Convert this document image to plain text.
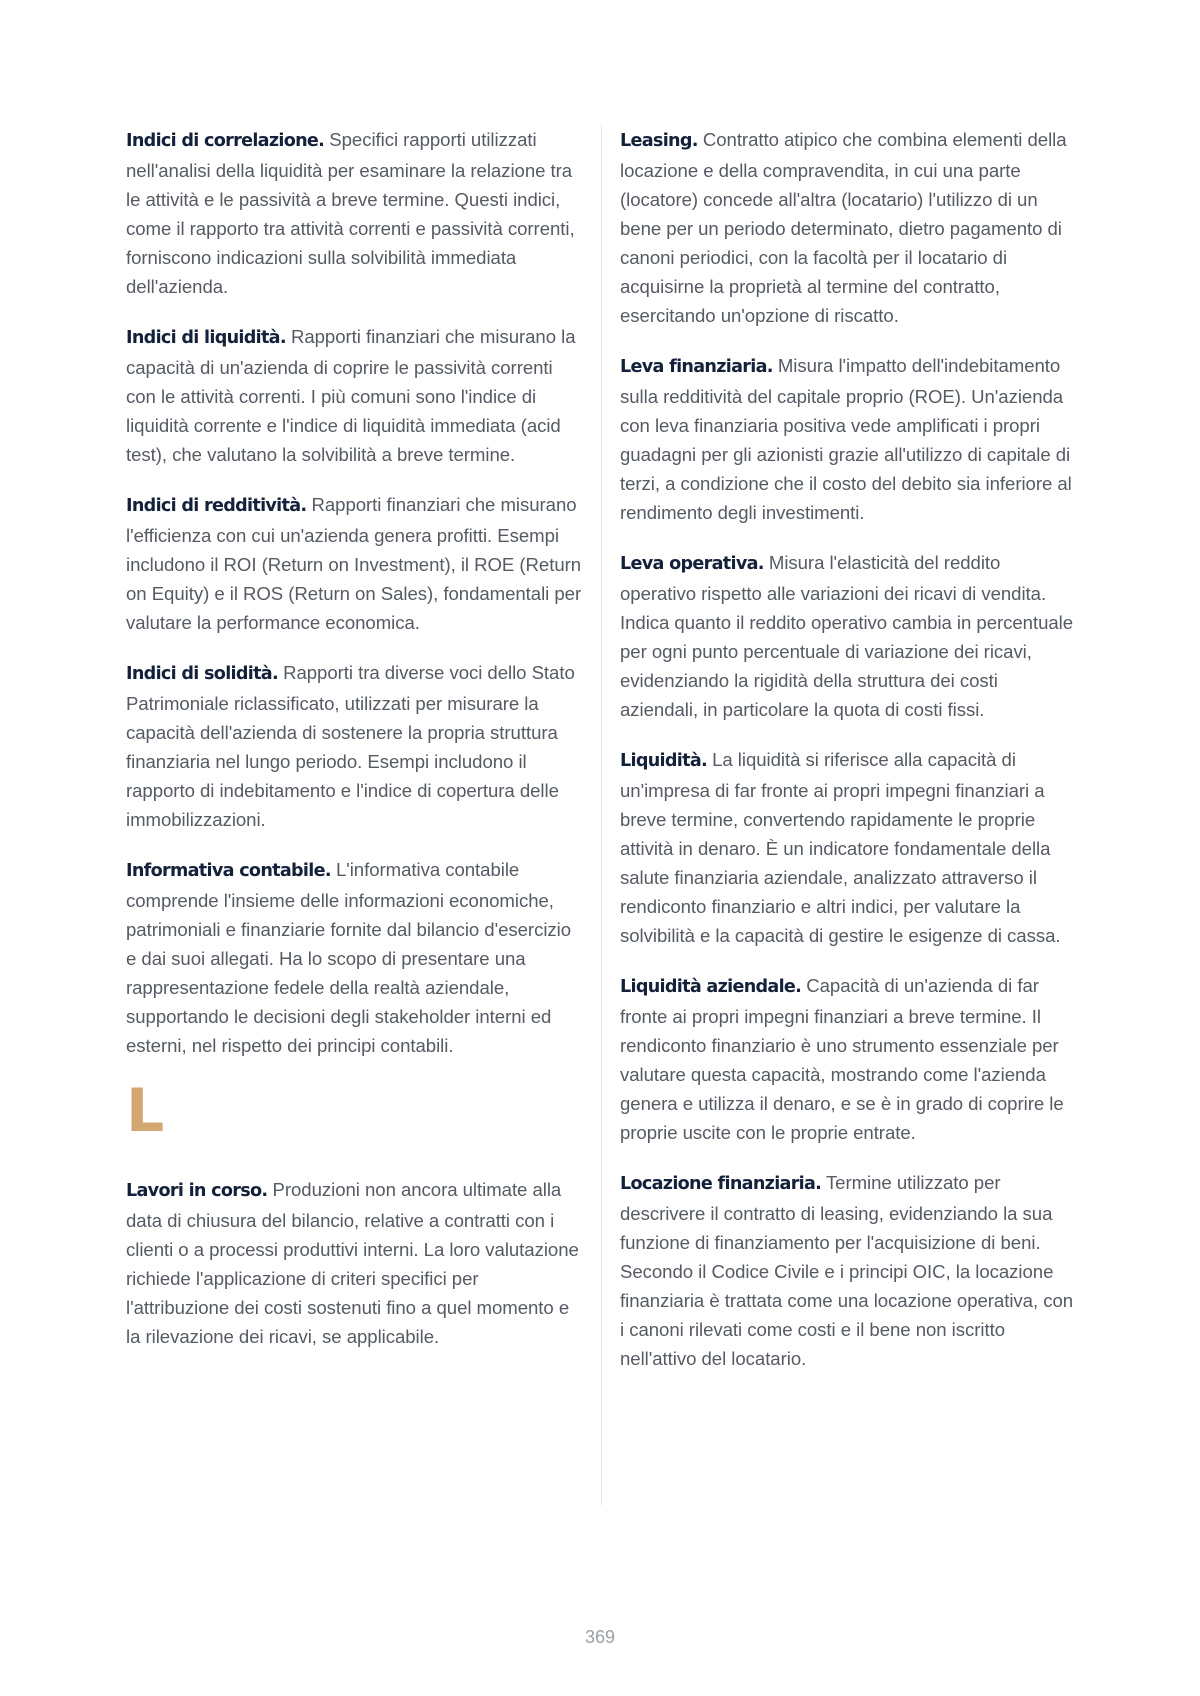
Indici di correlazione. Specifici rapporti utilizzati nell'analisi della liquidità per esaminare la relazione tra le attività e le passività a breve termine. Questi indici, come il rapporto tra attività correnti e passività correnti, forniscono indicazioni sulla solvibilità immediata dell'azienda.

Indici di liquidità. Rapporti finanziari che misurano la capacità di un'azienda di coprire le passività correnti con le attività correnti. I più comuni sono l'indice di liquidità corrente e l'indice di liquidità immediata (acid test), che valutano la solvibilità a breve termine.

Indici di redditività. Rapporti finanziari che misurano l'efficienza con cui un'azienda genera profitti. Esempi includono il ROI (Return on Investment), il ROE (Return on Equity) e il ROS (Return on Sales), fondamentali per valutare la performance economica.

Indici di solidità. Rapporti tra diverse voci dello Stato Patrimoniale riclassificato, utilizzati per misurare la capacità dell'azienda di sostenere la propria struttura finanziaria nel lungo periodo. Esempi includono il rapporto di indebitamento e l'indice di copertura delle immobilizzazioni.

Informativa contabile. L'informativa contabile comprende l'insieme delle informazioni economiche, patrimoniali e finanziarie fornite dal bilancio d'esercizio e dai suoi allegati. Ha lo scopo di presentare una rappresentazione fedele della realtà aziendale, supportando le decisioni degli stakeholder interni ed esterni, nel rispetto dei principi contabili.

L

Lavori in corso. Produzioni non ancora ultimate alla data di chiusura del bilancio, relative a contratti con i clienti o a processi produttivi interni. La loro valutazione richiede l'applicazione di criteri specifici per l'attribuzione dei costi sostenuti fino a quel momento e la rilevazione dei ricavi, se applicabile.

Leasing. Contratto atipico che combina elementi della locazione e della compravendita, in cui una parte (locatore) concede all'altra (locatario) l'utilizzo di un bene per un periodo determinato, dietro pagamento di canoni periodici, con la facoltà per il locatario di acquisirne la proprietà al termine del contratto, esercitando un'opzione di riscatto.

Leva finanziaria. Misura l'impatto dell'indebitamento sulla redditività del capitale proprio (ROE). Un'azienda con leva finanziaria positiva vede amplificati i propri guadagni per gli azionisti grazie all'utilizzo di capitale di terzi, a condizione che il costo del debito sia inferiore al rendimento degli investimenti.

Leva operativa. Misura l'elasticità del reddito operativo rispetto alle variazioni dei ricavi di vendita. Indica quanto il reddito operativo cambia in percentuale per ogni punto percentuale di variazione dei ricavi, evidenziando la rigidità della struttura dei costi aziendali, in particolare la quota di costi fissi.

Liquidità. La liquidità si riferisce alla capacità di un'impresa di far fronte ai propri impegni finanziari a breve termine, convertendo rapidamente le proprie attività in denaro. È un indicatore fondamentale della salute finanziaria aziendale, analizzato attraverso il rendiconto finanziario e altri indici, per valutare la solvibilità e la capacità di gestire le esigenze di cassa.

Liquidità aziendale. Capacità di un'azienda di far fronte ai propri impegni finanziari a breve termine. Il rendiconto finanziario è uno strumento essenziale per valutare questa capacità, mostrando come l'azienda genera e utilizza il denaro, e se è in grado di coprire le proprie uscite con le proprie entrate.

Locazione finanziaria. Termine utilizzato per descrivere il contratto di leasing, evidenziando la sua funzione di finanziamento per l'acquisizione di beni. Secondo il Codice Civile e i principi OIC, la locazione finanziaria è trattata come una locazione operativa, con i canoni rilevati come costi e il bene non iscritto nell'attivo del locatario.

369
